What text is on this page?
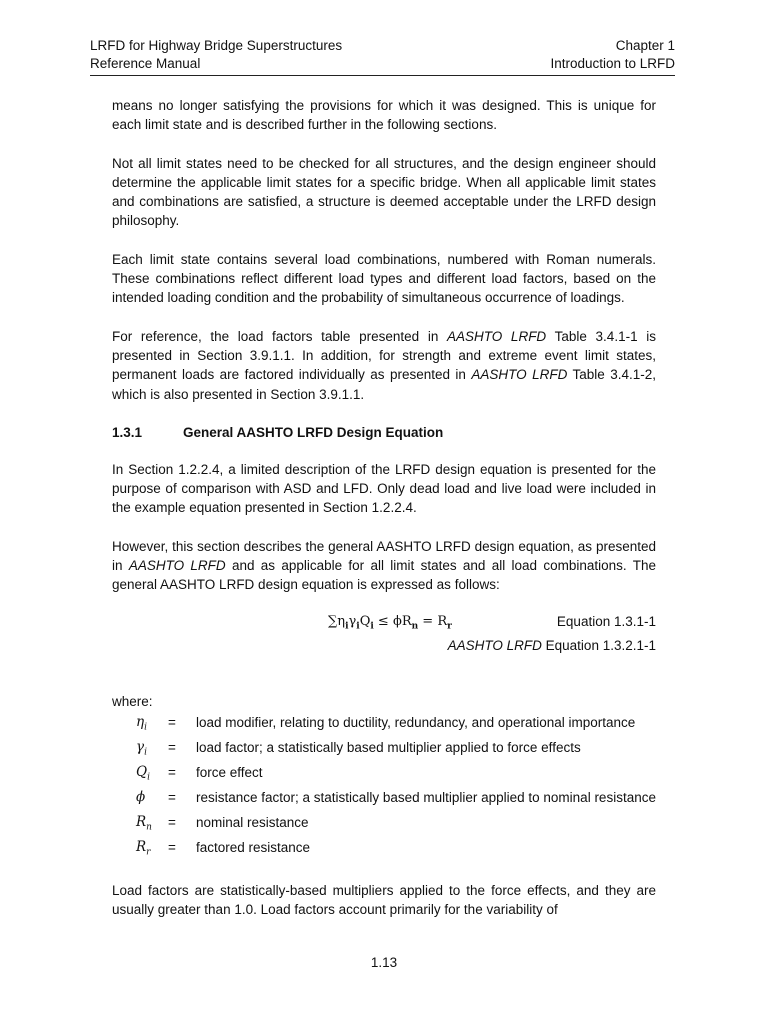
LRFD for Highway Bridge Superstructures	Chapter 1
Reference Manual	Introduction to LRFD

means no longer satisfying the provisions for which it was designed. This is unique for each limit state and is described further in the following sections.

Not all limit states need to be checked for all structures, and the design engineer should determine the applicable limit states for a specific bridge. When all applicable limit states and combinations are satisfied, a structure is deemed acceptable under the LRFD design philosophy.

Each limit state contains several load combinations, numbered with Roman numerals. These combinations reflect different load types and different load factors, based on the intended loading condition and the probability of simultaneous occurrence of loadings.

For reference, the load factors table presented in AASHTO LRFD Table 3.4.1-1 is presented in Section 3.9.1.1. In addition, for strength and extreme event limit states, permanent loads are factored individually as presented in AASHTO LRFD Table 3.4.1-2, which is also presented in Section 3.9.1.1.

1.3.1	General AASHTO LRFD Design Equation

In Section 1.2.2.4, a limited description of the LRFD design equation is presented for the purpose of comparison with ASD and LFD. Only dead load and live load were included in the example equation presented in Section 1.2.2.4.

However, this section describes the general AASHTO LRFD design equation, as presented in AASHTO LRFD and as applicable for all limit states and all load combinations. The general AASHTO LRFD design equation is expressed as follows:

$\sum\eta_i\gamma_iQ_i \le \phi R_n = R_r$	Equation 1.3.1-1
AASHTO LRFD Equation 1.3.2.1-1
where:
$\eta_i$	=	load modifier, relating to ductility, redundancy, and operational importance
$\gamma_i$	=	load factor; a statistically based multiplier applied to force effects
$Q_i$	=	force effect
ϕ	=	resistance factor; a statistically based multiplier applied to nominal resistance
$R_n$	=	nominal resistance
$R_r$	=	factored resistance

Load factors are statistically-based multipliers applied to the force effects, and they are usually greater than 1.0. Load factors account primarily for the variability of

1.13
